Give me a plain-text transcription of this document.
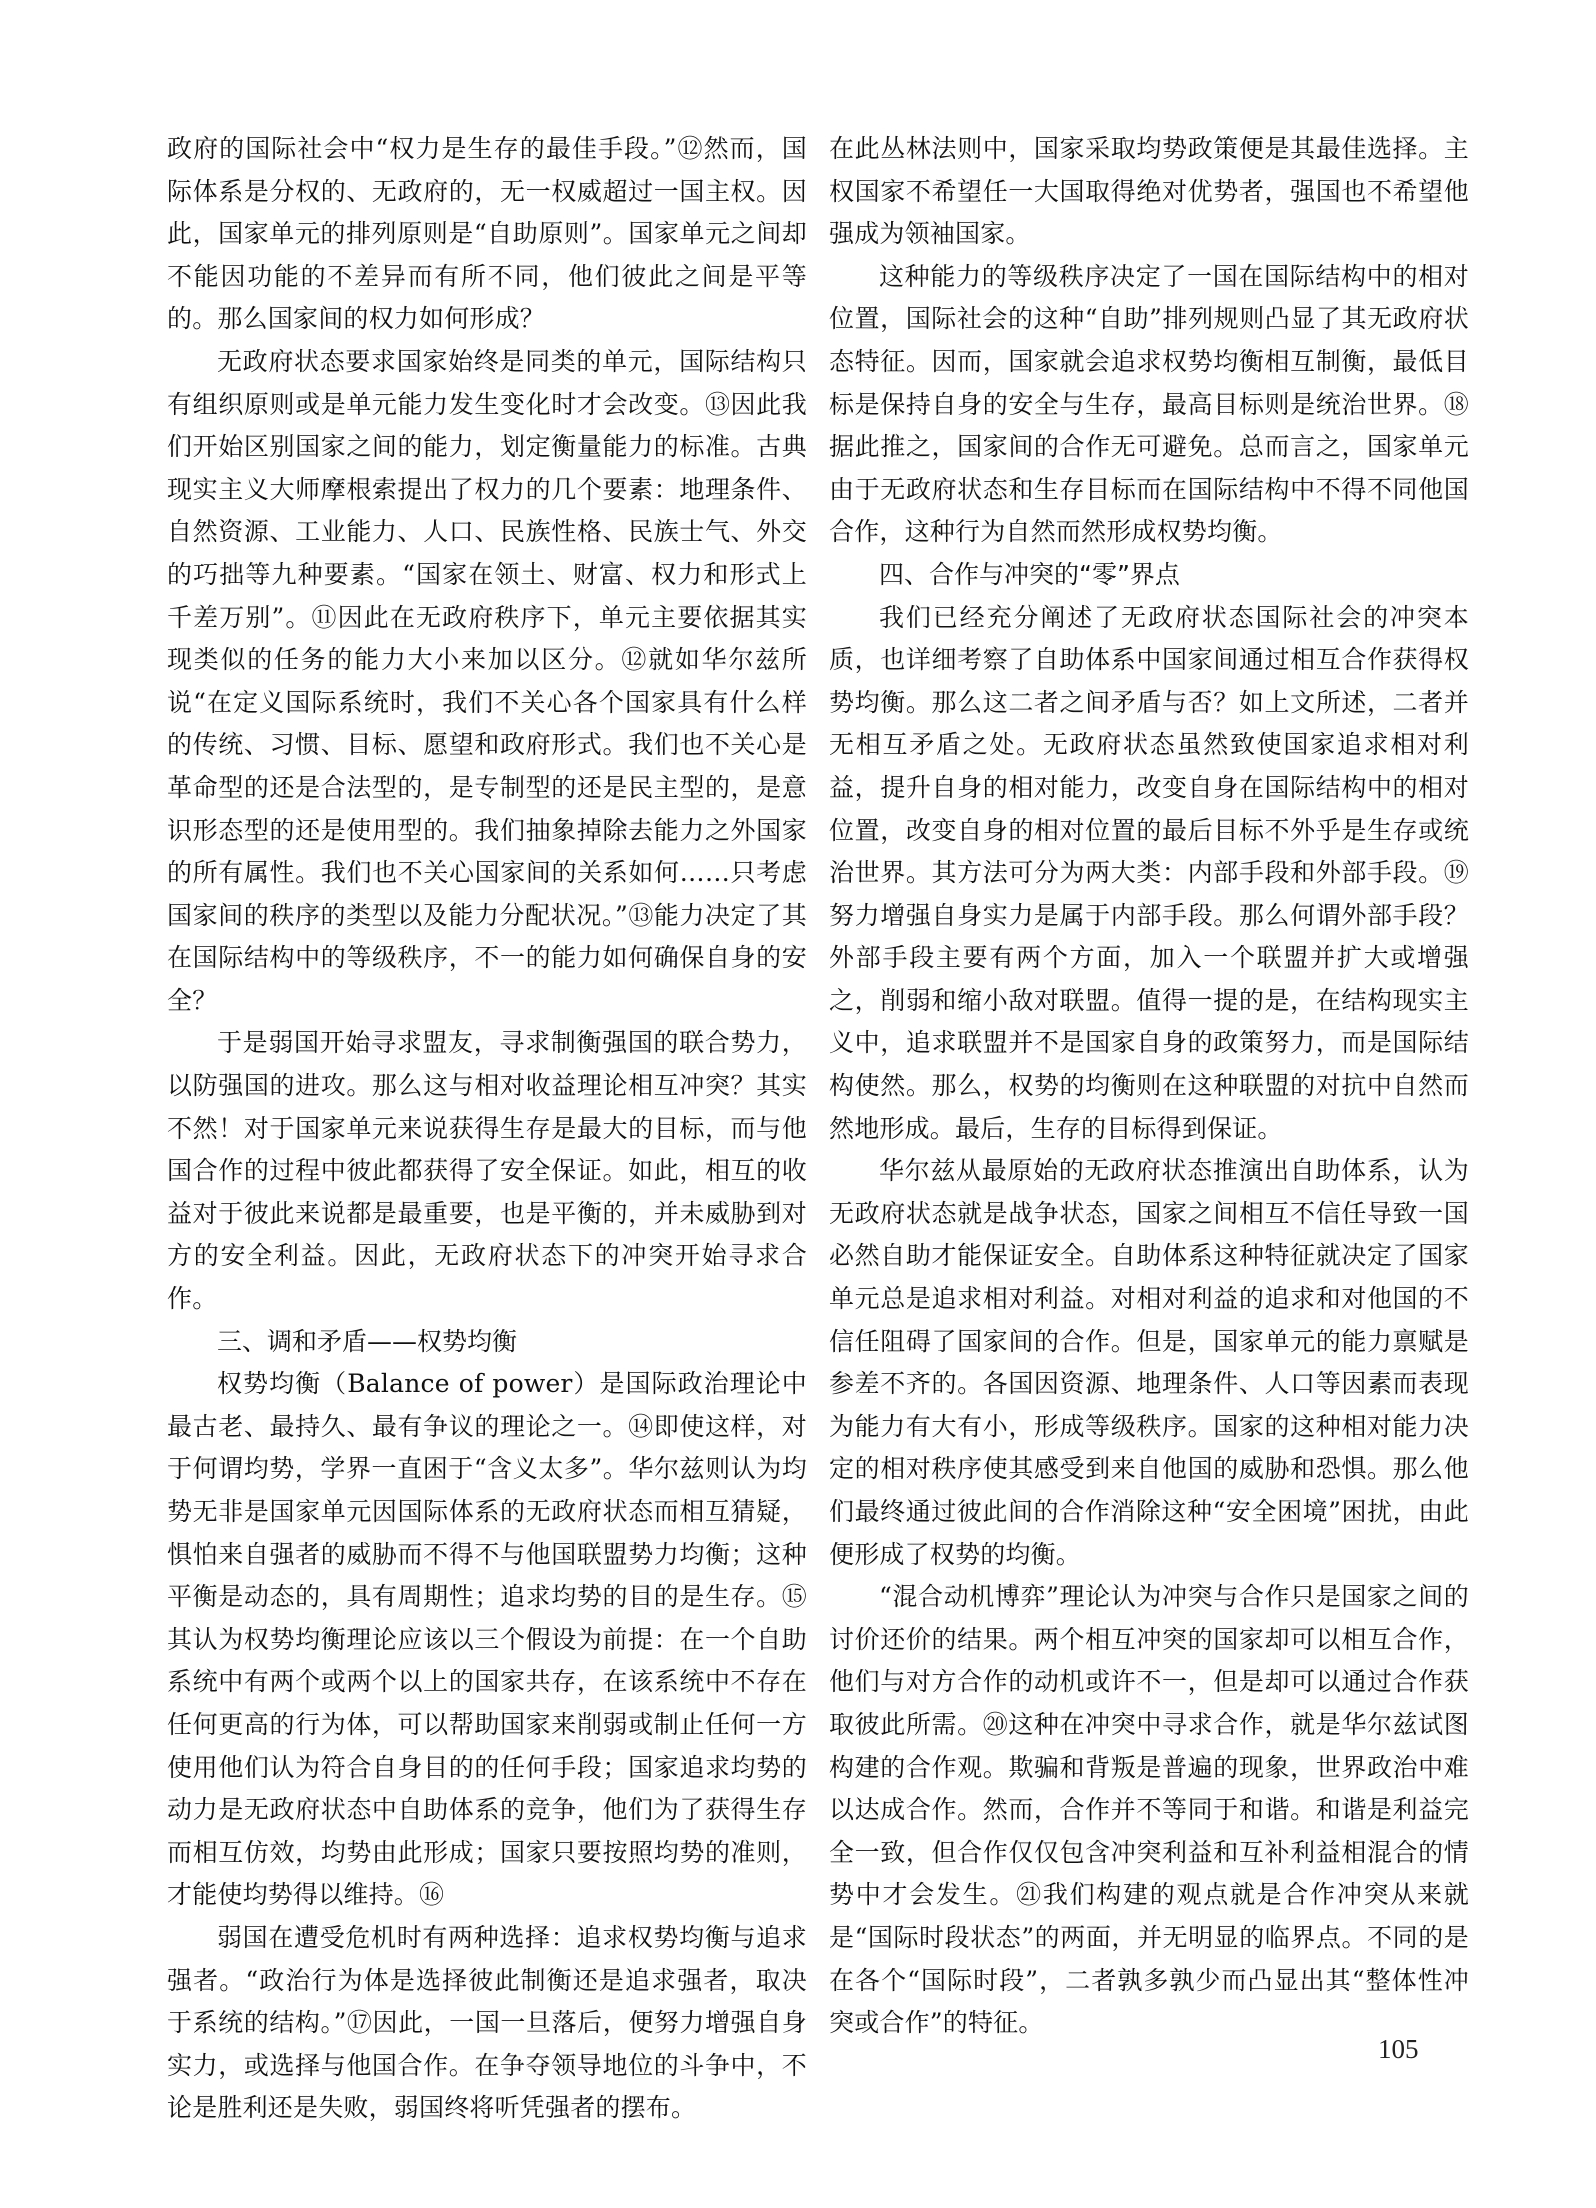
政府的国际社会中“权力是生存的最佳手段。”⑫然而，国际体系是分权的、无政府的，无一权威超过一国主权。因此，国家单元的排列原则是“自助原则”。国家单元之间却不能因功能的不差异而有所不同，他们彼此之间是平等的。那么国家间的权力如何形成？

无政府状态要求国家始终是同类的单元，国际结构只有组织原则或是单元能力发生变化时才会改变。⑬因此我们开始区别国家之间的能力，划定衡量能力的标准。古典现实主义大师摩根索提出了权力的几个要素：地理条件、自然资源、工业能力、人口、民族性格、民族士气、外交的巧拙等九种要素。“国家在领土、财富、权力和形式上千差万别”。⑪因此在无政府秩序下，单元主要依据其实现类似的任务的能力大小来加以区分。⑫就如华尔兹所说“在定义国际系统时，我们不关心各个国家具有什么样的传统、习惯、目标、愿望和政府形式。我们也不关心是革命型的还是合法型的，是专制型的还是民主型的，是意识形态型的还是使用型的。我们抽象掉除去能力之外国家的所有属性。我们也不关心国家间的关系如何……只考虑国家间的秩序的类型以及能力分配状况。”⑬能力决定了其在国际结构中的等级秩序，不一的能力如何确保自身的安全？

于是弱国开始寻求盟友，寻求制衡强国的联合势力，以防强国的进攻。那么这与相对收益理论相互冲突？其实不然！对于国家单元来说获得生存是最大的目标，而与他国合作的过程中彼此都获得了安全保证。如此，相互的收益对于彼此来说都是最重要，也是平衡的，并未威胁到对方的安全利益。因此，无政府状态下的冲突开始寻求合作。

三、调和矛盾——权势均衡

权势均衡（Balance of power）是国际政治理论中最古老、最持久、最有争议的理论之一。⑭即使这样，对于何谓均势，学界一直困于“含义太多”。华尔兹则认为均势无非是国家单元因国际体系的无政府状态而相互猜疑，惧怕来自强者的威胁而不得不与他国联盟势力均衡；这种平衡是动态的，具有周期性；追求均势的目的是生存。⑮其认为权势均衡理论应该以三个假设为前提：在一个自助系统中有两个或两个以上的国家共存，在该系统中不存在任何更高的行为体，可以帮助国家来削弱或制止任何一方使用他们认为符合自身目的的任何手段；国家追求均势的动力是无政府状态中自助体系的竞争，他们为了获得生存而相互仿效，均势由此形成；国家只要按照均势的准则，才能使均势得以维持。⑯

弱国在遭受危机时有两种选择：追求权势均衡与追求强者。“政治行为体是选择彼此制衡还是追求强者，取决于系统的结构。”⑰因此，一国一旦落后，便努力增强自身实力，或选择与他国合作。在争夺领导地位的斗争中，不论是胜利还是失败，弱国终将听凭强者的摆布。

在此丛林法则中，国家采取均势政策便是其最佳选择。主权国家不希望任一大国取得绝对优势者，强国也不希望他强成为领袖国家。

这种能力的等级秩序决定了一国在国际结构中的相对位置，国际社会的这种“自助”排列规则凸显了其无政府状态特征。因而，国家就会追求权势均衡相互制衡，最低目标是保持自身的安全与生存，最高目标则是统治世界。⑱据此推之，国家间的合作无可避免。总而言之，国家单元由于无政府状态和生存目标而在国际结构中不得不同他国合作，这种行为自然而然形成权势均衡。

四、合作与冲突的“零”界点

我们已经充分阐述了无政府状态国际社会的冲突本质，也详细考察了自助体系中国家间通过相互合作获得权势均衡。那么这二者之间矛盾与否？如上文所述，二者并无相互矛盾之处。无政府状态虽然致使国家追求相对利益，提升自身的相对能力，改变自身在国际结构中的相对位置，改变自身的相对位置的最后目标不外乎是生存或统治世界。其方法可分为两大类：内部手段和外部手段。⑲努力增强自身实力是属于内部手段。那么何谓外部手段？外部手段主要有两个方面，加入一个联盟并扩大或增强之，削弱和缩小敌对联盟。值得一提的是，在结构现实主义中，追求联盟并不是国家自身的政策努力，而是国际结构使然。那么，权势的均衡则在这种联盟的对抗中自然而然地形成。最后，生存的目标得到保证。

华尔兹从最原始的无政府状态推演出自助体系，认为无政府状态就是战争状态，国家之间相互不信任导致一国必然自助才能保证安全。自助体系这种特征就决定了国家单元总是追求相对利益。对相对利益的追求和对他国的不信任阻碍了国家间的合作。但是，国家单元的能力禀赋是参差不齐的。各国因资源、地理条件、人口等因素而表现为能力有大有小，形成等级秩序。国家的这种相对能力决定的相对秩序使其感受到来自他国的威胁和恐惧。那么他们最终通过彼此间的合作消除这种“安全困境”困扰，由此便形成了权势的均衡。

“混合动机博弈”理论认为冲突与合作只是国家之间的讨价还价的结果。两个相互冲突的国家却可以相互合作，他们与对方合作的动机或许不一，但是却可以通过合作获取彼此所需。⑳这种在冲突中寻求合作，就是华尔兹试图构建的合作观。欺骗和背叛是普遍的现象，世界政治中难以达成合作。然而，合作并不等同于和谐。和谐是利益完全一致，但合作仅仅包含冲突利益和互补利益相混合的情势中才会发生。㉑我们构建的观点就是合作冲突从来就是“国际时段状态”的两面，并无明显的临界点。不同的是在各个“国际时段”，二者孰多孰少而凸显出其“整体性冲突或合作”的特征。

105
